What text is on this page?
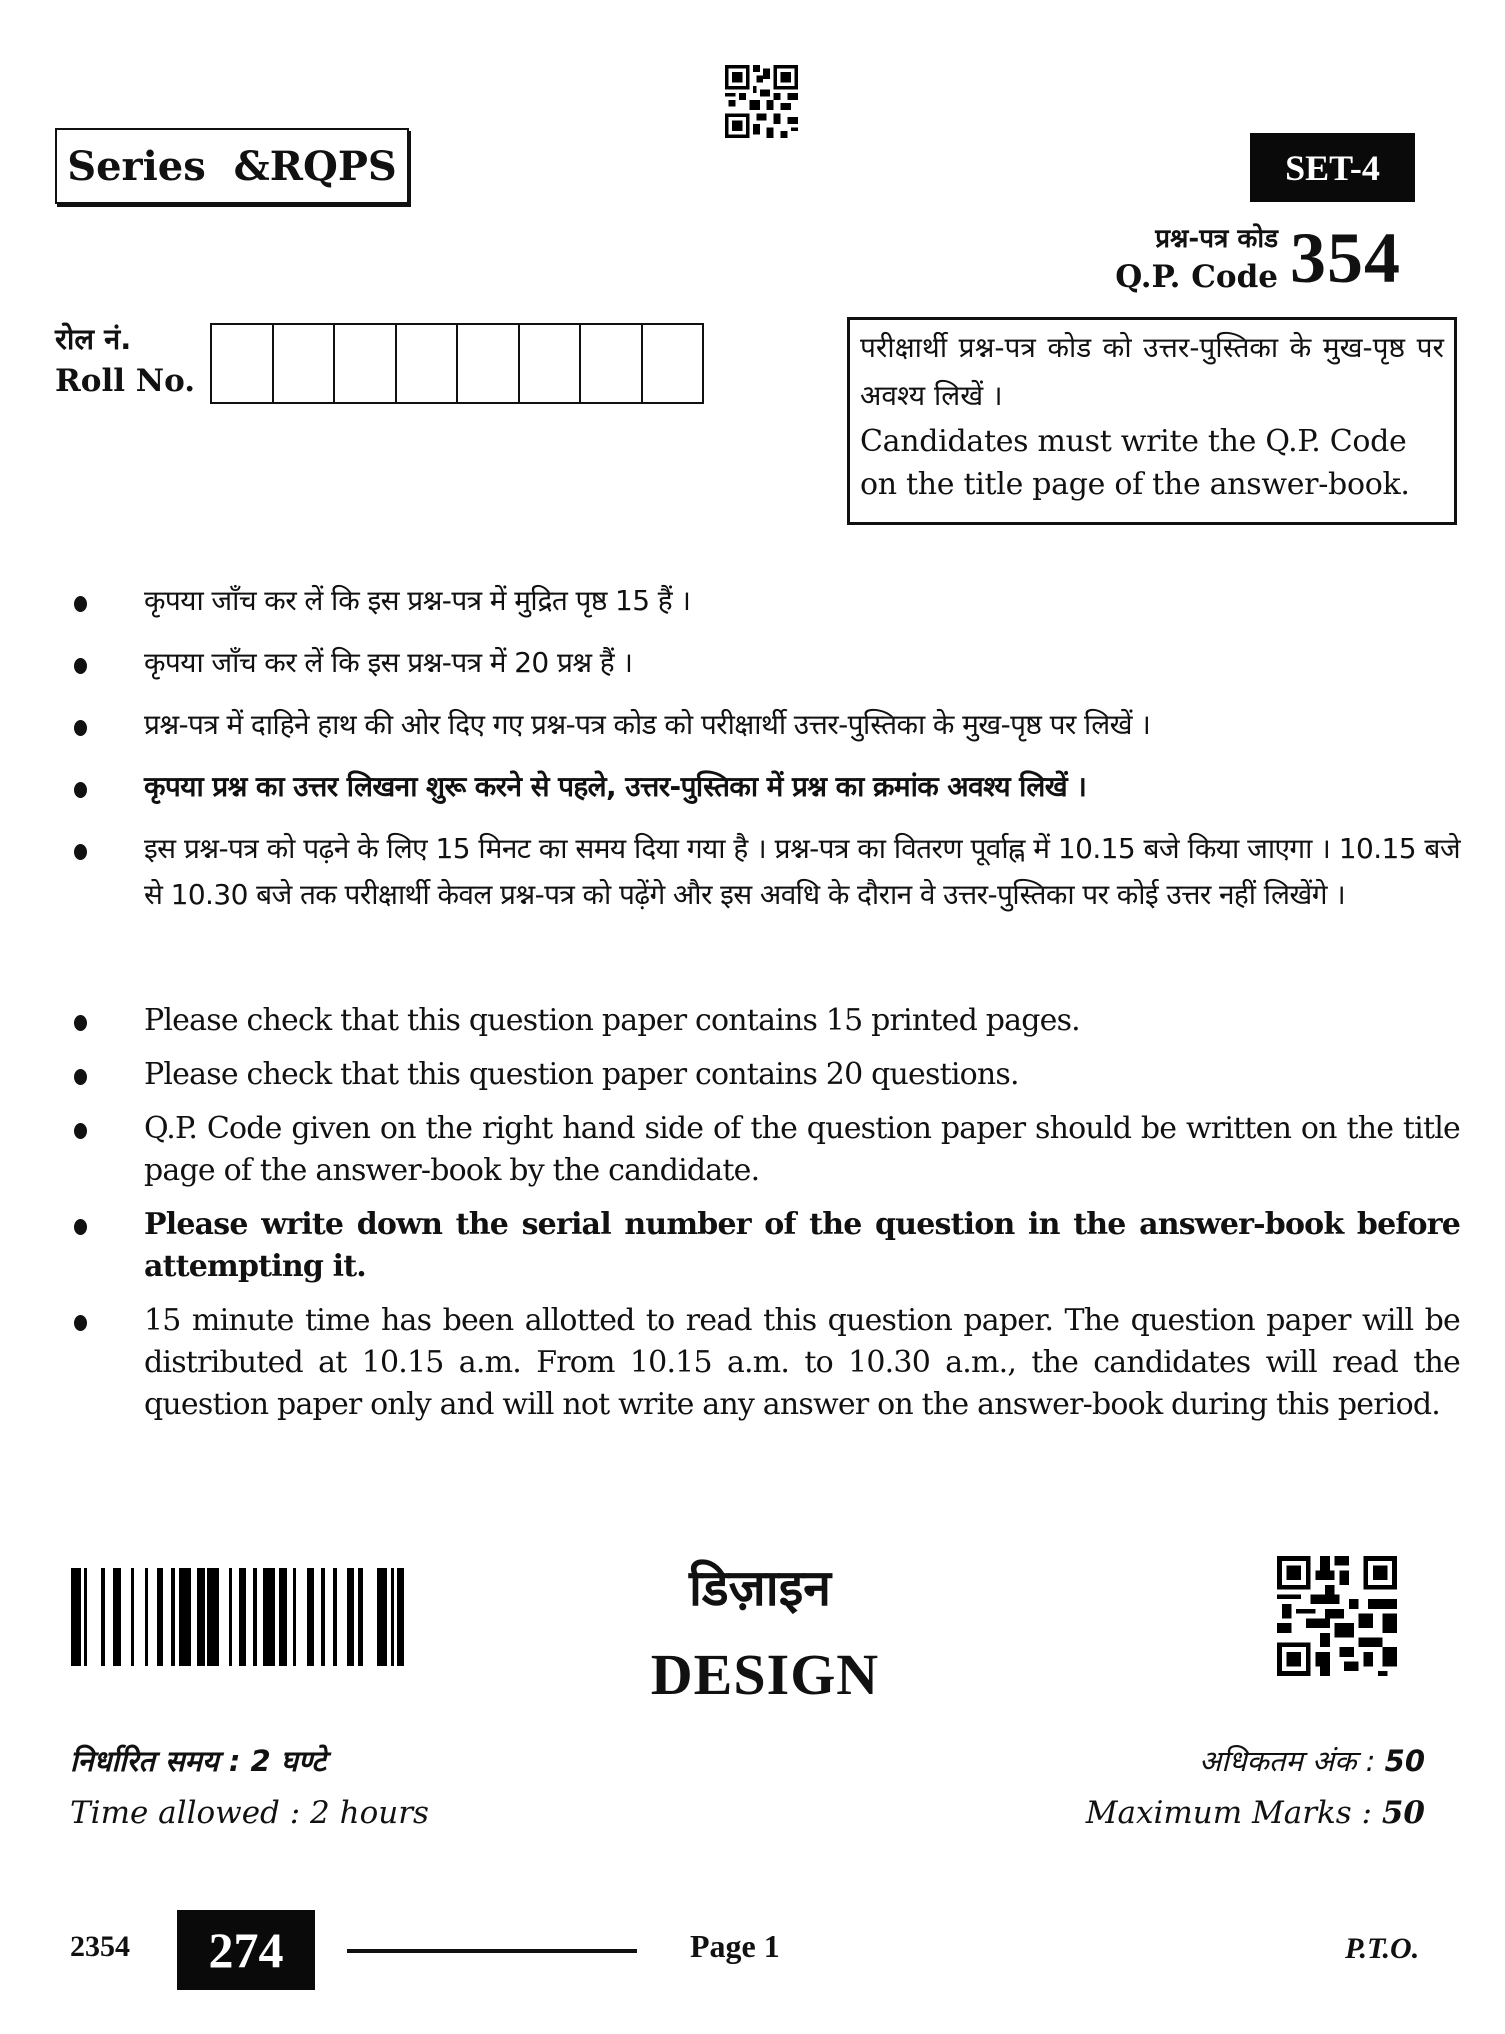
Series  &RQPS	SET-4
प्रश्न-पत्र कोड
Q.P. Code 354
रोल नं.
Roll No.
परीक्षार्थी प्रश्न-पत्र कोड को उत्तर-पुस्तिका के मुख-पृष्ठ पर अवश्य लिखें ।
Candidates must write the Q.P. Code on the title page of the answer-book.
कृपया जाँच कर लें कि इस प्रश्न-पत्र में मुद्रित पृष्ठ 15 हैं ।
कृपया जाँच कर लें कि इस प्रश्न-पत्र में 20 प्रश्न हैं ।
प्रश्न-पत्र में दाहिने हाथ की ओर दिए गए प्रश्न-पत्र कोड को परीक्षार्थी उत्तर-पुस्तिका के मुख-पृष्ठ पर लिखें ।
कृपया प्रश्न का उत्तर लिखना शुरू करने से पहले, उत्तर-पुस्तिका में प्रश्न का क्रमांक अवश्य लिखें ।
इस प्रश्न-पत्र को पढ़ने के लिए 15 मिनट का समय दिया गया है । प्रश्न-पत्र का वितरण पूर्वाह्न में 10.15 बजे किया जाएगा । 10.15 बजे से 10.30 बजे तक परीक्षार्थी केवल प्रश्न-पत्र को पढ़ेंगे और इस अवधि के दौरान वे उत्तर-पुस्तिका पर कोई उत्तर नहीं लिखेंगे ।
Please check that this question paper contains 15 printed pages.
Please check that this question paper contains 20 questions.
Q.P. Code given on the right hand side of the question paper should be written on the title page of the answer-book by the candidate.
Please write down the serial number of the question in the answer-book before attempting it.
15 minute time has been allotted to read this question paper. The question paper will be distributed at 10.15 a.m. From 10.15 a.m. to 10.30 a.m., the candidates will read the question paper only and will not write any answer on the answer-book during this period.
डिज़ाइन
DESIGN
निर्धारित समय : 2 घण्टे
Time allowed : 2 hours
अधिकतम अंक : 50
Maximum Marks : 50
2354	274	Page 1	P.T.O.
